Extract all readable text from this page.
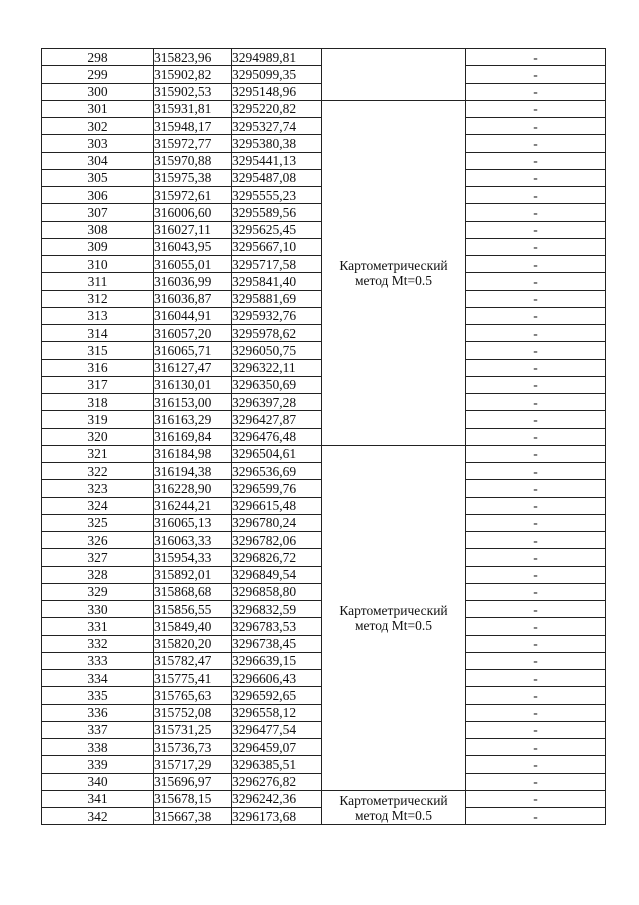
298	315823,96	3294989,81		-
299	315902,82	3295099,35		-
300	315902,53	3295148,96		-
301	315931,81	3295220,82	Картометрический
метод Mt=0.5	-
302	315948,17	3295327,74		-
303	315972,77	3295380,38		-
304	315970,88	3295441,13		-
305	315975,38	3295487,08		-
306	315972,61	3295555,23		-
307	316006,60	3295589,56		-
308	316027,11	3295625,45		-
309	316043,95	3295667,10		-
310	316055,01	3295717,58		-
311	316036,99	3295841,40		-
312	316036,87	3295881,69		-
313	316044,91	3295932,76		-
314	316057,20	3295978,62		-
315	316065,71	3296050,75		-
316	316127,47	3296322,11		-
317	316130,01	3296350,69		-
318	316153,00	3296397,28		-
319	316163,29	3296427,87		-
320	316169,84	3296476,48		-
321	316184,98	3296504,61	Картометрический
метод Mt=0.5	-
322	316194,38	3296536,69		-
323	316228,90	3296599,76		-
324	316244,21	3296615,48		-
325	316065,13	3296780,24		-
326	316063,33	3296782,06		-
327	315954,33	3296826,72		-
328	315892,01	3296849,54		-
329	315868,68	3296858,80		-
330	315856,55	3296832,59		-
331	315849,40	3296783,53		-
332	315820,20	3296738,45		-
333	315782,47	3296639,15		-
334	315775,41	3296606,43		-
335	315765,63	3296592,65		-
336	315752,08	3296558,12		-
337	315731,25	3296477,54		-
338	315736,73	3296459,07		-
339	315717,29	3296385,51		-
340	315696,97	3296276,82		-
341	315678,15	3296242,36	Картометрический
метод Mt=0.5	-
342	315667,38	3296173,68		-
